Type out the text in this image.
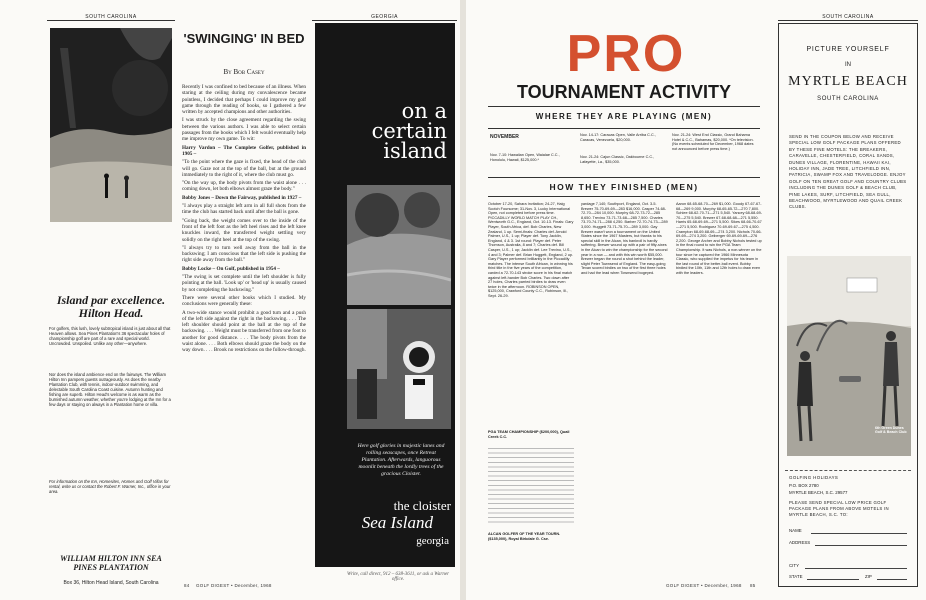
SOUTH CAROLINA
Island par excellence. Hilton Head.
For golfers, this lush, lovely subtropical island is just about all that Heaven allows. Sea Pines Plantation's 36 spectacular holes of championship golf are part of a rare and special world. Uncrowded. Unspoiled. Unlike any other—anywhere.
Nor does the island ambience end on the fairways. The William Hilton Inn pampers guests outrageously. As does the nearby Plantation Club, with tennis, indoor-outdoor swimming, and delectable South Carolina Coast cuisine. Autumn hunting and fishing are superb. Hilton Head's welcome is as warm as the burnished autumn weather, whether you're lodging at the Inn for a few days or staying on always in a Plantation home or villa.
For information on the Inn, Homesites, Homes and Golf Villas for rental, write us or contact the Robert F. Warner, Inc., office in your area.
WILLIAM HILTON INN SEA PINES PLANTATION
Box 36, Hilton Head Island, South Carolina
'SWINGING' IN BED
By Bob Casey

Recently I was confined to bed because of an illness. When staring at the ceiling during my convalescence became pointless, I decided that perhaps I could improve my golf game through the reading of books, so I gathered a few written by accepted champions and other authorities.

I was struck by the close agreement regarding the swing between the various authors. I was able to select certain passages from the books which I felt would eventually help me improve my own game. To wit:

Harry Vardon – The Complete Golfer, published in 1905 –

"To the point where the gaze is fixed, the head of the club will go. Gaze not at the top of the ball, but at the ground immediately to the right of it, where the club must go.

"On the way up, the body pivots from the waist alone . . . coming down, let both elbows almost graze the body."

Bobby Jones – Down the Fairway, published in 1927 –

"I always play a straight left arm in all full shots from the time the club has started back until after the ball is gone.

"Going back, the weight comes over to the inside of the front of the left foot as the left heel rises and the left knee knuckles inward, the transferred weight settling very solidly on the right heel at the top of the swing.

"I always try to turn well away from the ball in the backswing; I am conscious that the left side is pushing the right side away from the ball."

Bobby Locke – On Golf, published in 1954 –

"The swing is set complete until the left shoulder is fully pointing at the ball. 'Look up' or 'head up' is usually caused by not completing the backswing."

There were several other books which I studied. My conclusions were generally these:

A two-wide stance would prohibit a good turn and a push of the left side against the right in the backswing. . . . The left shoulder should point at the ball at the top of the backswing. . . . Weight must be transferred from one foot to another for good distance. . . . The body pivots from the waist alone. . . . Both elbows should graze the body on the way down. . . . Brook no restrictions on the follow-through.

GEORGIA
on a certain island
Here golf glories in majestic lanes and rolling seascapes, once Retreat Plantation. Afterwards, languorous moonlit beneath the lordly trees of the gracious Cloister.
the cloister
Sea Island
georgia
Write, call direct, 912 – 638-3611, or ask a Warner office.
84 GOLF DIGEST • December, 1968
PRO
TOURNAMENT ACTIVITY
WHERE THEY ARE PLAYING (MEN)
NOVEMBER
Nov. 7-10: Hawaiian Open, Waialae C.C., Honolulu, Hawaii, $125,000.*
Nov. 14-17: Caracas Open, Valle Arriba C.C., Caracas, Venezuela, $20,000.
Nov. 21-24: Cajun Classic, Oakbourne C.C., Lafayette, La., $35,000.
Nov. 21-24: West End Classic, Grand Bahama Hotel & C.C., Bahamas, $20,000. *On television. (No events scheduled for December, 1968 dates not announced before press time.)
HOW THEY FINISHED (MEN)
October 17-20, Sahara Invitation; 24-27, Haig Scotch Foursome; 31-Nov. 3, Lucky International Open, not completed before press time. PICCADILLY WORLD MATCH PLAY CH., Wentworth G.C., England, Oct. 10-13. Finals: Gary Player, South Africa, def. Bob Charles, New Zealand, 1 up. Semi-finals: Charles def. Arnold Palmer, U.S., 1 up; Player def. Tony Jacklin, England, 4 & 3. 1st round: Player def. Peter Thomson, Australia, 8 and 7; Charles def. Bill Casper, U.S., 1 up; Jacklin def. Lee Trevino, U.S., 4 and 3; Palmer def. Brian Huggett, England, 2 up. Gary Player performed brilliantly in the Piccadilly matches. The intense South African, in winning his third title in the five years of the competition, carded a 72-70-143 stroke score in his final match against left-hander Bob Charles. Two down after 27 holes, Charles parried birdies to draw even twice in the afternoon. ROBINSON OPEN, $125,000, Crawford County C.C., Robinson, Ill., Sept. 26-29.
PGA TEAM CHAMPIONSHIP ($200,000), Quail Creek C.C.
ALCAN GOLFER OF THE YEAR TOURN. ($135,000), Royal Birkdale G. Cse.
yardage 7,140; Southport, England, Oct. 3-5. Brewer 75-70-69-69—283 $16,000. Casper 74-68-72-70—284 10,000. Murphy 68-72-73-72—285 8,650. Trevino 73-71-73-68—285 7,500. Charles 73-70-74-71—288 4,250. Barber 72-70-74-73—289 3,000. Huggett 73-71-75-70—289 3,000. Gay Brewer wasn't won a tournament on the United States since the 1967 Masters, but thanks to his special skill in the Alcan, his bankroll is hardly suffering. Brewer wound up with a pair of fifty-sixes in the Alcan to win the championship for the second year in a row — and with this win worth $55,000. Brewer began the round a shot behind the leader, slight Peter Townsend of England. The easy-going Texan scored birdies on two of the first three holes and had the lead when Townsend bogeyed.
Aaron 68-65-68-70—269 $1,000. Goody 67-67-67-68—269 9,000. Murphy 68-65-65-72—270 7,800. Schlee 68-62-70-71—271 5,540. Yancey 68-68-69-70—275 5,540. Brewer 67-68-68-68—271 5,550. Harris 65-68-69-69—271 5,500. Sikes 68-66-70-67—271 5,500. Rodriguez 70-69-69-67—275 4,500. Crampton 68-69-68-69—274 3,200. Nichols 70-66-69-69—274 3,200. Geiberger 69-69-69-69—276 2,200. George Archer and Bobby Nichols tested up in the final round to win the PGA Team Championship. It was Nichols, a non-winner on the tour since he captured the 1966 Minnesota Classic, who supplied the impetus for his team in the last round of the better-ball event. Bobby birdied the 10th, 11th and 12th holes to draw even with the leaders.
GOLF DIGEST • December, 1968 85
SOUTH CAROLINA
PICTURE YOURSELF
IN
MYRTLE BEACH
SOUTH CAROLINA
SEND IN THE COUPON BELOW AND RECEIVE SPECIAL LOW GOLF PACKAGE PLANS OFFERED BY THESE FINE MOTELS: THE BREAKERS, CARAVELLE, CHESTERFIELD, CORAL SANDS, DUNES VILLAGE, FLORENTINE, HAWAII KAI, HOLIDAY INN, JADE TREE, LITCHFIELD INN, PATRICIA, SWAMP FOX AND TRAVELODGE. ENJOY GOLF ON TEN GREAT GOLF AND COUNTRY CLUBS INCLUDING THE DUNES GOLF & BEACH CLUB, PINE LAKES, SURF, LITCHFIELD, SEA GULL, BEACHWOOD, MYRTLEWOOD AND QUAIL CREEK CLUBS.
6th Green Dunes Golf & Beach Club
GOLFING HOLIDAYS
P.O. BOX 2780
MYRTLE BEACH, S.C. 29577
PLEASE SEND SPECIAL LOW PRICE GOLF PACKAGE PLANS FROM ABOVE MOTELS IN MYRTLE BEACH, S.C. TO:
NAME
ADDRESS
CITY
STATE	ZIP
